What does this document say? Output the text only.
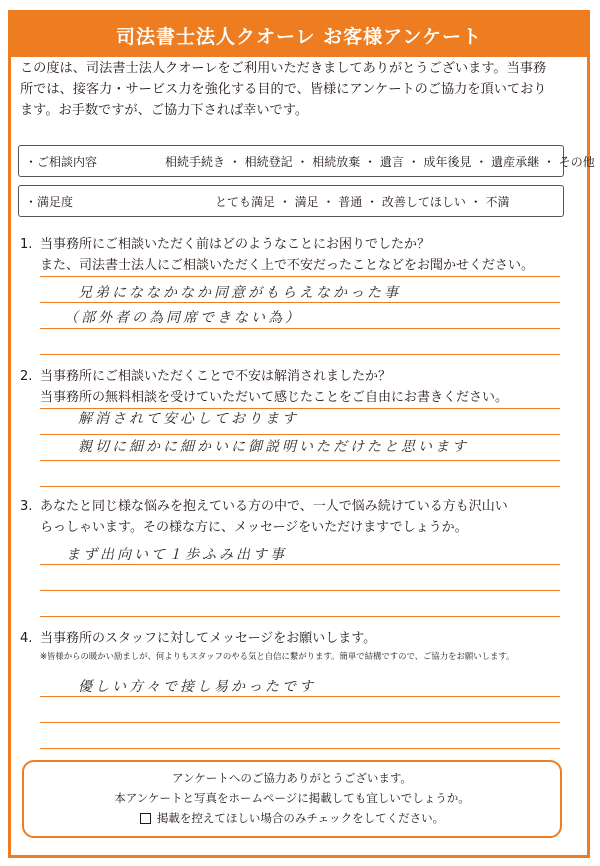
司法書士法人クオーレ お客様アンケート
この度は、司法書士法人クオーレをご利用いただきましてありがとうございます。当事務
所では、接客力・サービス力を強化する目的で、皆様にアンケートのご協力を頂いており
ます。お手数ですが、ご協力下されば幸いです。
・ご相談内容	相続手続き ・ 相続登記 ・ 相続放棄 ・ 遺言 ・ 成年後見 ・ 遺産承継 ・ その他
・満足度	とても満足 ・ 満足 ・ 普通 ・ 改善してほしい ・ 不満
1. 当事務所にご相談いただく前はどのようなことにお困りでしたか？
また、司法書士法人にご相談いただく上で不安だったことなどをお聞かせください。
兄弟にななかなか同意がもらえなかった事
（部外者の為同席できない為）
2. 当事務所にご相談いただくことで不安は解消されましたか？
当事務所の無料相談を受けていただいて感じたことをご自由にお書きください。
解消されて安心しております
親切に細かに細かいに御説明いただけたと思います
3. あなたと同じ様な悩みを抱えている方の中で、一人で悩み続けている方も沢山い
らっしゃいます。その様な方に、メッセージをいただけますでしょうか。
まず出向いて１歩ふみ出す事
4. 当事務所のスタッフに対してメッセージをお願いします。
※皆様からの暖かい励ましが、何よりもスタッフのやる気と自信に繋がります。簡単で結構ですので、ご協力をお願いします。
優しい方々で接し易かったです
アンケートへのご協力ありがとうございます。
本アンケートと写真をホームページに掲載しても宜しいでしょうか。
掲載を控えてほしい場合のみチェックをしてください。
